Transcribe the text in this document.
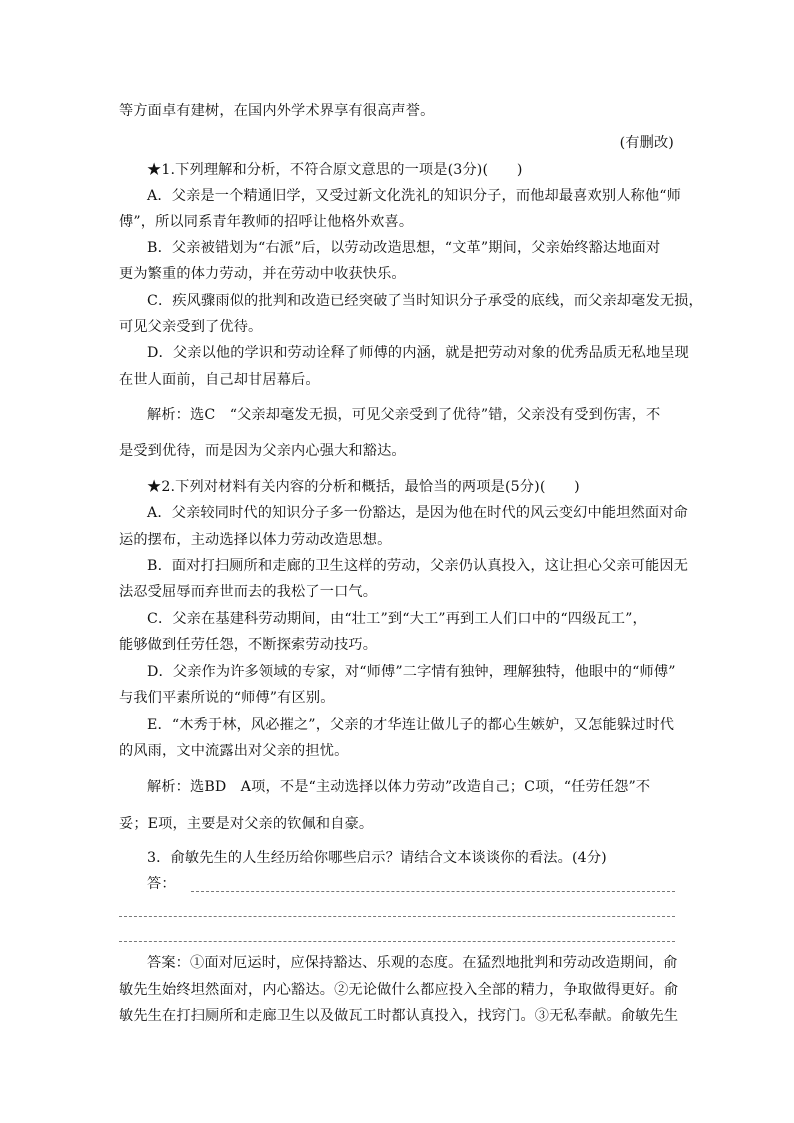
等方面卓有建树，在国内外学术界享有很高声誉。
(有删改)
★1.下列理解和分析，不符合原文意思的一项是(3分)(　　)
A．父亲是一个精通旧学，又受过新文化洗礼的知识分子，而他却最喜欢别人称他“师
傅”，所以同系青年教师的招呼让他格外欢喜。
B．父亲被错划为“右派”后，以劳动改造思想，“文革”期间，父亲始终豁达地面对
更为繁重的体力劳动，并在劳动中收获快乐。
C．疾风骤雨似的批判和改造已经突破了当时知识分子承受的底线，而父亲却毫发无损，
可见父亲受到了优待。
D．父亲以他的学识和劳动诠释了师傅的内涵，就是把劳动对象的优秀品质无私地呈现
在世人面前，自己却甘居幕后。
解析：选C　“父亲却毫发无损，可见父亲受到了优待”错，父亲没有受到伤害，不
是受到优待，而是因为父亲内心强大和豁达。
★2.下列对材料有关内容的分析和概括，最恰当的两项是(5分)(　　)
A．父亲较同时代的知识分子多一份豁达，是因为他在时代的风云变幻中能坦然面对命
运的摆布，主动选择以体力劳动改造思想。
B．面对打扫厕所和走廊的卫生这样的劳动，父亲仍认真投入，这让担心父亲可能因无
法忍受屈辱而弃世而去的我松了一口气。
C．父亲在基建科劳动期间，由“壮工”到“大工”再到工人们口中的“四级瓦工”，
能够做到任劳任怨，不断探索劳动技巧。
D．父亲作为许多领域的专家，对“师傅”二字情有独钟，理解独特，他眼中的“师傅”
与我们平素所说的“师傅”有区别。
E．“木秀于林，风必摧之”，父亲的才华连让做儿子的都心生嫉妒，又怎能躲过时代
的风雨，文中流露出对父亲的担忧。
解析：选BD　A项，不是“主动选择以体力劳动”改造自己；C项，“任劳任怨”不
妥；E项，主要是对父亲的钦佩和自豪。
3．俞敏先生的人生经历给你哪些启示？请结合文本谈谈你的看法。(4分)
答：
答案：①面对厄运时，应保持豁达、乐观的态度。在猛烈地批判和劳动改造期间，俞
敏先生始终坦然面对，内心豁达。②无论做什么都应投入全部的精力，争取做得更好。俞
敏先生在打扫厕所和走廊卫生以及做瓦工时都认真投入，找窍门。③无私奉献。俞敏先生
